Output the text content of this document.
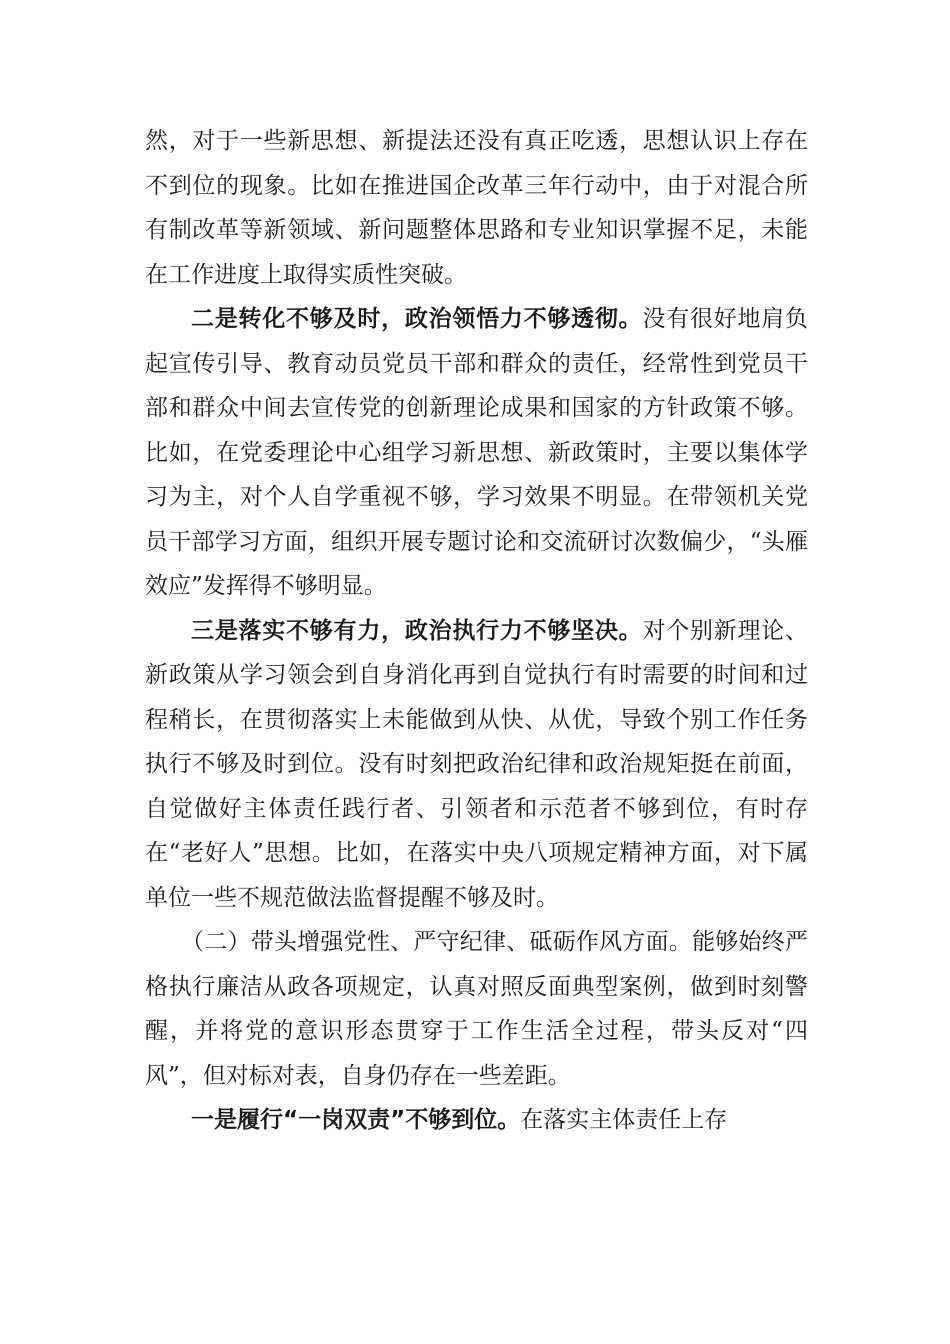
然，对于一些新思想、新提法还没有真正吃透，思想认识上存在不到位的现象。比如在推进国企改革三年行动中，由于对混合所有制改革等新领域、新问题整体思路和专业知识掌握不足，未能在工作进度上取得实质性突破。

二是转化不够及时，政治领悟力不够透彻。没有很好地肩负起宣传引导、教育动员党员干部和群众的责任，经常性到党员干部和群众中间去宣传党的创新理论成果和国家的方针政策不够。比如，在党委理论中心组学习新思想、新政策时，主要以集体学习为主，对个人自学重视不够，学习效果不明显。在带领机关党员干部学习方面，组织开展专题讨论和交流研讨次数偏少，“头雁效应”发挥得不够明显。

三是落实不够有力，政治执行力不够坚决。对个别新理论、新政策从学习领会到自身消化再到自觉执行有时需要的时间和过程稍长，在贯彻落实上未能做到从快、从优，导致个别工作任务执行不够及时到位。没有时刻把政治纪律和政治规矩挺在前面，自觉做好主体责任践行者、引领者和示范者不够到位，有时存在“老好人”思想。比如，在落实中央八项规定精神方面，对下属单位一些不规范做法监督提醒不够及时。

（二）带头增强党性、严守纪律、砥砺作风方面。能够始终严格执行廉洁从政各项规定，认真对照反面典型案例，做到时刻警醒，并将党的意识形态贯穿于工作生活全过程，带头反对“四风”，但对标对表，自身仍存在一些差距。

一是履行“一岗双责”不够到位。在落实主体责任上存
